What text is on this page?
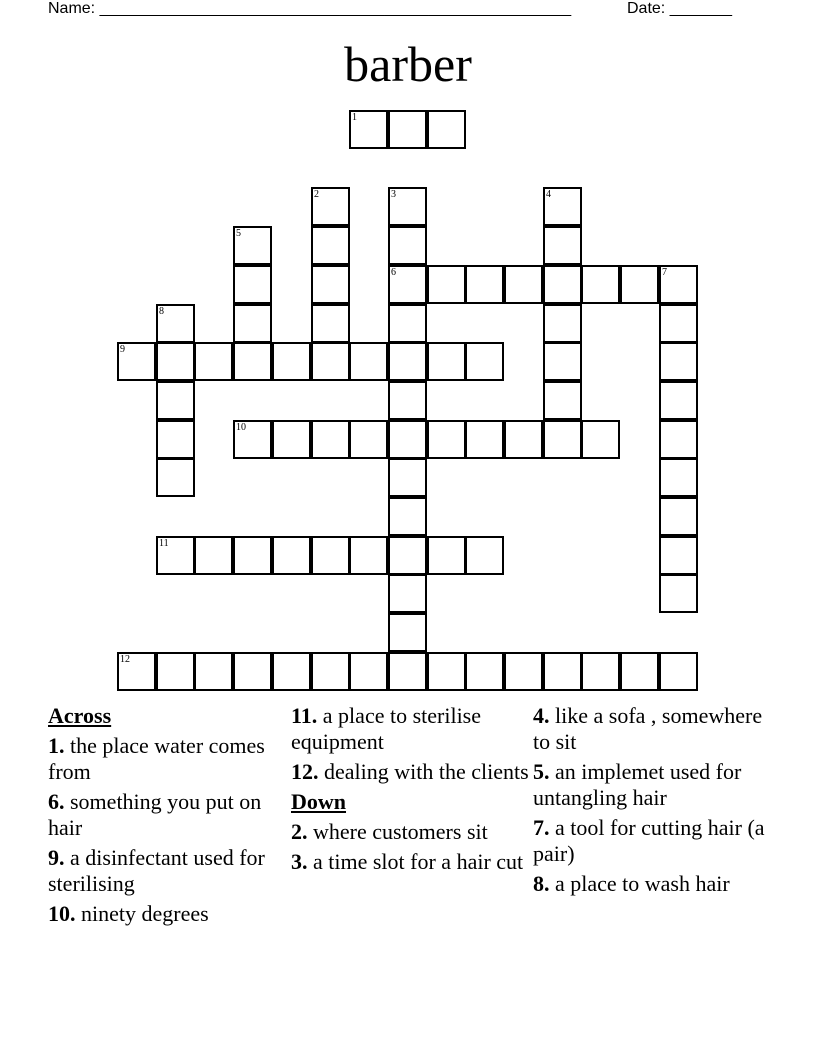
Name: _____________________________________________________	Date: _______
barber
1
2	3
6
4
5
7
8
9
10
11
12
Across
1. the place water comes from
6. something you put on hair
9. a disinfectant used for sterilising
10. ninety degrees
11. a place to sterilise equipment
12. dealing with the clients
Down
2. where customers sit
3. a time slot for a hair cut
4. like a sofa , somewhere to sit
5. an implemet used for untangling hair
7. a tool for cutting hair (a pair)
8. a place to wash hair
